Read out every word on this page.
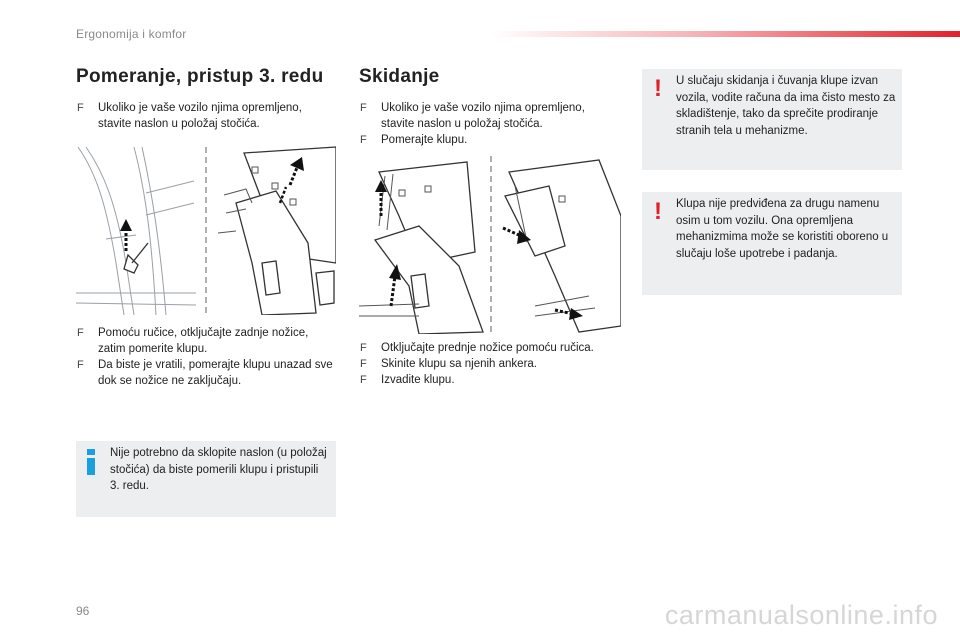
Ergonomija i komfor
Pomeranje, pristup 3. redu
F Ukoliko je vaše vozilo njima opremljeno, stavite naslon u položaj stočića.
F Pomoću ručice, otključajte zadnje nožice, zatim pomerite klupu.
F Da biste je vratili, pomerajte klupu unazad sve dok se nožice ne zaključaju.
Nije potrebno da sklopite naslon (u položaj stočića) da biste pomerili klupu i pristupili 3. redu.
Skidanje
F Ukoliko je vaše vozilo njima opremljeno, stavite naslon u položaj stočića.
F Pomerajte klupu.
F Otključajte prednje nožice pomoću ručica.
F Skinite klupu sa njenih ankera.
F Izvadite klupu.
! U slučaju skidanja i čuvanja klupe izvan vozila, vodite računa da ima čisto mesto za skladištenje, tako da sprečite prodiranje stranih tela u mehanizme.
! Klupa nije predviđena za drugu namenu osim u tom vozilu. Ona opremljena mehanizmima može se koristiti oboreno u slučaju loše upotrebe i padanja.
96	carmanualsonline.info
